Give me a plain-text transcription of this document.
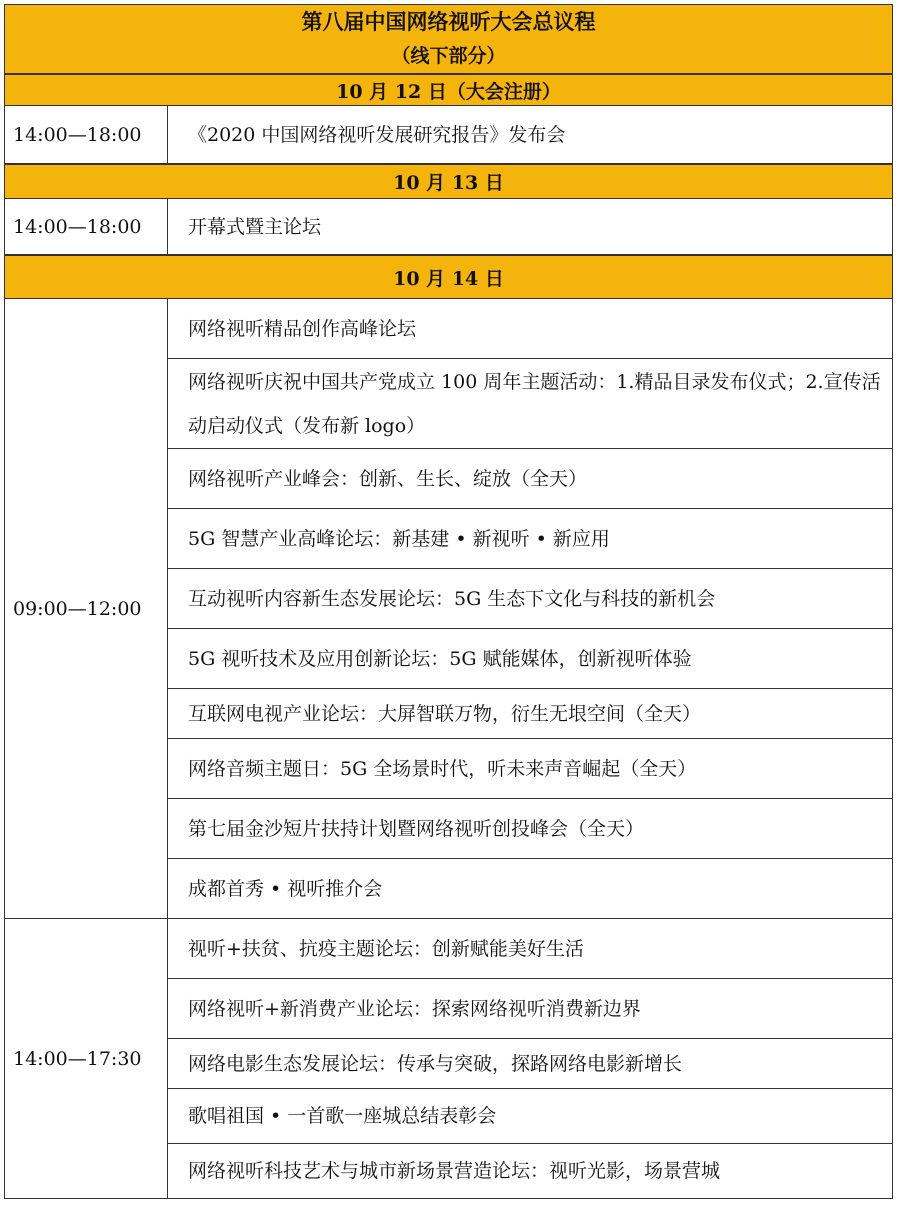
第八届中国网络视听大会总议程
（线下部分）
10 月 12 日（大会注册）
14:00—18:00 《2020 中国网络视听发展研究报告》发布会
10 月 13 日
14:00—18:00 开幕式暨主论坛
10 月 14 日
09:00—12:00
网络视听精品创作高峰论坛
网络视听庆祝中国共产党成立 100 周年主题活动：1.精品目录发布仪式；2.宣传活动启动仪式（发布新 logo）
网络视听产业峰会：创新、生长、绽放（全天）
5G 智慧产业高峰论坛：新基建 • 新视听 • 新应用
互动视听内容新生态发展论坛：5G 生态下文化与科技的新机会
5G 视听技术及应用创新论坛：5G 赋能媒体，创新视听体验
互联网电视产业论坛：大屏智联万物，衍生无垠空间（全天）
网络音频主题日：5G 全场景时代，听未来声音崛起（全天）
第七届金沙短片扶持计划暨网络视听创投峰会（全天）
成都首秀 • 视听推介会
14:00—17:30
视听+扶贫、抗疫主题论坛：创新赋能美好生活
网络视听+新消费产业论坛：探索网络视听消费新边界
网络电影生态发展论坛：传承与突破，探路网络电影新增长
歌唱祖国 • 一首歌一座城总结表彰会
网络视听科技艺术与城市新场景营造论坛：视听光影，场景营城
